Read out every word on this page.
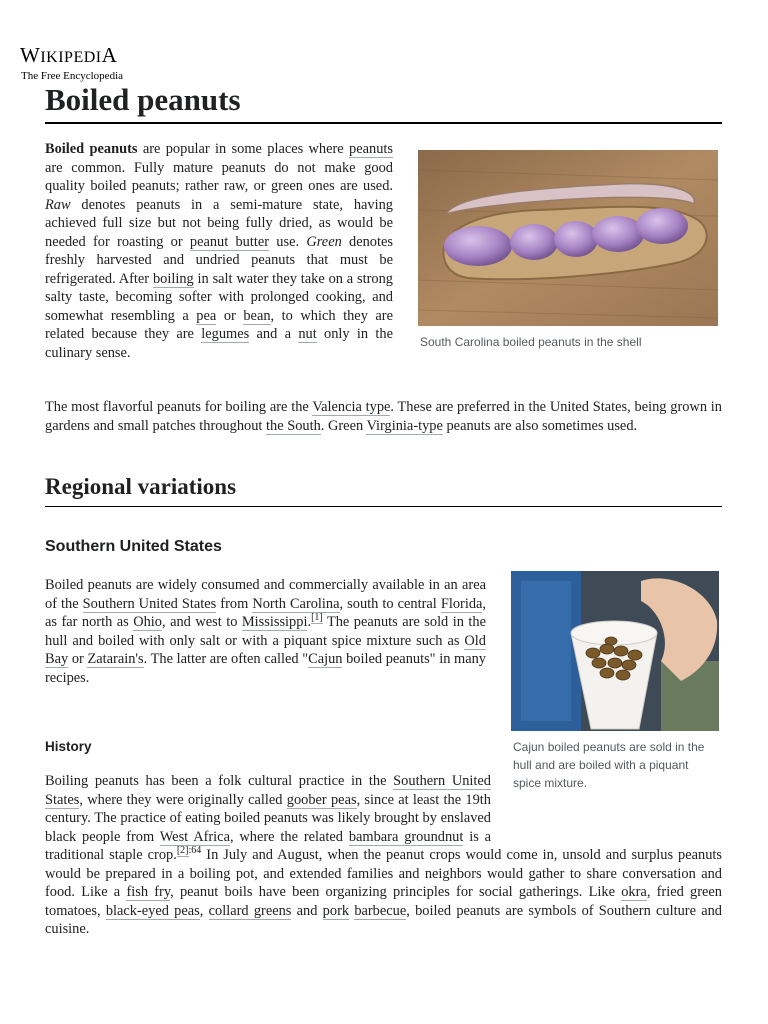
WIKIPEDIA
The Free Encyclopedia
Boiled peanuts
South Carolina boiled peanuts in the shell

Boiled peanuts are popular in some places where peanuts are common. Fully mature peanuts do not make good quality boiled peanuts; rather raw, or green ones are used. Raw denotes peanuts in a semi-mature state, having achieved full size but not being fully dried, as would be needed for roasting or peanut butter use. Green denotes freshly harvested and undried peanuts that must be refrigerated. After boiling in salt water they take on a strong salty taste, becoming softer with prolonged cooking, and somewhat resembling a pea or bean, to which they are related because they are legumes and a nut only in the culinary sense.

The most flavorful peanuts for boiling are the Valencia type. These are preferred in the United States, being grown in gardens and small patches throughout the South. Green Virginia-type peanuts are also sometimes used.

Regional variations
Southern United States
Cajun boiled peanuts are sold in the hull and are boiled with a piquant spice mixture.

Boiled peanuts are widely consumed and commercially available in an area of the Southern United States from North Carolina, south to central Florida, as far north as Ohio, and west to Mississippi.[1] The peanuts are sold in the hull and boiled with only salt or with a piquant spice mixture such as Old Bay or Zatarain's. The latter are often called "Cajun boiled peanuts" in many recipes.

History

Boiling peanuts has been a folk cultural practice in the Southern United States, where they were originally called goober peas, since at least the 19th century. The practice of eating boiled peanuts was likely brought by enslaved black people from West Africa, where the related bambara groundnut is a traditional staple crop.$^{[2]:64}$ In July and August, when the peanut crops would come in, unsold and surplus peanuts would be prepared in a boiling pot, and extended families and neighbors would gather to share conversation and food. Like a fish fry, peanut boils have been organizing principles for social gatherings. Like okra, fried green tomatoes, black-eyed peas, collard greens and pork barbecue, boiled peanuts are symbols of Southern culture and cuisine.
